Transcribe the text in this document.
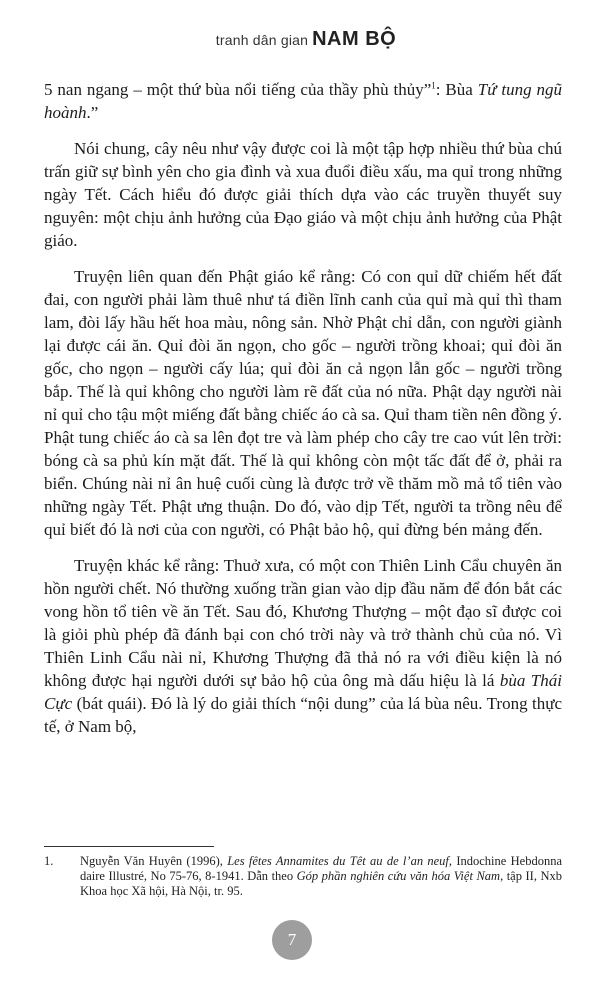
tranh dân gian NAM BỘ

5 nan ngang – một thứ bùa nổi tiếng của thầy phù thủy”$^1$: Bùa Tứ tung ngũ hoành.”

Nói chung, cây nêu như vậy được coi là một tập hợp nhiều thứ bùa chú trấn giữ sự bình yên cho gia đình và xua đuổi điều xấu, ma quỉ trong những ngày Tết. Cách hiểu đó được giải thích dựa vào các truyền thuyết suy nguyên: một chịu ảnh hưởng của Đạo giáo và một chịu ảnh hưởng của Phật giáo.

Truyện liên quan đến Phật giáo kể rằng: Có con quỉ dữ chiếm hết đất đai, con người phải làm thuê như tá điền lĩnh canh của quỉ mà quỉ thì tham lam, đòi lấy hầu hết hoa màu, nông sản. Nhờ Phật chỉ dẫn, con người giành lại được cái ăn. Quỉ đòi ăn ngọn, cho gốc – người trồng khoai; quỉ đòi ăn gốc, cho ngọn – người cấy lúa; quỉ đòi ăn cả ngọn lẫn gốc – người trồng bắp. Thế là quỉ không cho người làm rẽ đất của nó nữa. Phật dạy người nài nỉ quỉ cho tậu một miếng đất bằng chiếc áo cà sa. Quỉ tham tiền nên đồng ý. Phật tung chiếc áo cà sa lên đọt tre và làm phép cho cây tre cao vút lên trời: bóng cà sa phủ kín mặt đất. Thế là quỉ không còn một tấc đất để ở, phải ra biển. Chúng nài nỉ ân huệ cuối cùng là được trở về thăm mồ mả tổ tiên vào những ngày Tết. Phật ưng thuận. Do đó, vào dịp Tết, người ta trồng nêu để quỉ biết đó là nơi của con người, có Phật bảo hộ, quỉ đừng bén mảng đến.

Truyện khác kể rằng: Thuở xưa, có một con Thiên Linh Cẩu chuyên ăn hồn người chết. Nó thường xuống trần gian vào dịp đầu năm để đón bắt các vong hồn tổ tiên về ăn Tết. Sau đó, Khương Thượng – một đạo sĩ được coi là giỏi phù phép đã đánh bại con chó trời này và trở thành chủ của nó. Vì Thiên Linh Cẩu nài nỉ, Khương Thượng đã thả nó ra với điều kiện là nó không được hại người dưới sự bảo hộ của ông mà dấu hiệu là lá bùa Thái Cực (bát quái). Đó là lý do giải thích “nội dung” của lá bùa nêu. Trong thực tế, ở Nam bộ,

1.	Nguyễn Văn Huyên (1996), Les fêtes Annamites du Têt au de l’an neuf, Indochine Hebdonna daire Illustré, No 75-76, 8-1941. Dẫn theo Góp phần nghiên cứu văn hóa Việt Nam, tập II, Nxb Khoa học Xã hội, Hà Nội, tr. 95.
7
